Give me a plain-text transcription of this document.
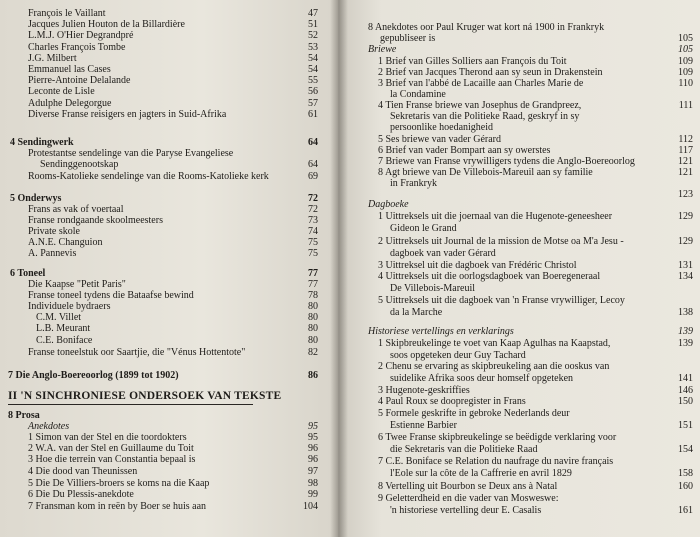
François le Vaillant	47
Jacques Julien Houton de la Billardière	51
L.M.J. O'Hier Degrandpré	52
Charles François Tombe	53
J.G. Milbert	54
Emmanuel las Cases	54
Pierre-Antoine Delalande	55
Leconte de Lisle	56
Adulphe Delegorgue	57
Diverse Franse reisigers en jagters in Suid-Afrika	61
4 Sendingwerk	64
Protestantse sendelinge van die Paryse Evangeliese
Sendinggenootskap	64
Rooms-Katolieke sendelinge van die Rooms-Katolieke kerk	69
5 Onderwys	72
Frans as vak of voertaal	72
Franse rondgaande skoolmeesters	73
Private skole	74
A.N.E. Changuion	75
A. Pannevis	75
6 Toneel	77
Die Kaapse "Petit Paris"	77
Franse toneel tydens die Bataafse bewind	78
Individuele bydraers	80
C.M. Villet	80
L.B. Meurant	80
C.E. Boniface	80
Franse toneelstuk oor Saartjie, die "Vénus Hottentote"	82
7 Die Anglo-Boereoorlog (1899 tot 1902)	86
II 'N SINCHRONIESE ONDERSOEK VAN TEKSTE
8 Prosa
Anekdotes	95
1 Simon van der Stel en die toordokters	95
2 W.A. van der Stel en Guillaume du Toit	96
3 Hoe die terrein van Constantia bepaal is	96
4 Die dood van Theunissen	97
5 Die De Villiers-broers se koms na die Kaap	98
6 Die Du Plessis-anekdote	99
7 Fransman kom in reën by Boer se huis aan	104
8 Anekdotes oor Paul Kruger wat kort ná 1900 in Frankryk
gepubliseer is	105
Briewe	105
1 Brief van Gilles Solliers aan François du Toit	109
2 Brief van Jacques Therond aan sy seun in Drakenstein	109
3 Brief van l'abbé de Lacaille aan Charles Marie de	110
la Condamine
4 Tien Franse briewe van Josephus de Grandpreez,	111
Sekretaris van die Politieke Raad, geskryf in sy
persoonlike hoedanigheid
5 Ses briewe van vader Gérard	112
6 Brief van vader Bompart aan sy owerstes	117
7 Briewe van Franse vrywilligers tydens die Anglo-Boereoorlog	121
8 Agt briewe van De Villebois-Mareuil aan sy familie	121
in Frankryk
123
Dagboeke
1 Uittreksels uit die joernaal van die Hugenote-geneesheer	129
Gideon le Grand
2 Uittreksels uit Journal de la mission de Motse oa M'a Jesu -	129
dagboek van vader Gérard
3 Uittreksel uit die dagboek van Frédéric Christol	131
4 Uittreksels uit die oorlogsdagboek van Boeregeneraal	134
De Villebois-Mareuil
5 Uittreksels uit die dagboek van 'n Franse vrywilliger, Lecoy
da la Marche	138
Historiese vertellings en verklarings	139
1 Skipbreukelinge te voet van Kaap Agulhas na Kaapstad,	139
soos opgeteken deur Guy Tachard
2 Chenu se ervaring as skipbreukeling aan die ooskus van
suidelike Afrika soos deur homself opgeteken	141
3 Hugenote-geskriffies	146
4 Paul Roux se doopregister in Frans	150
5 Formele geskrifte in gebroke Nederlands deur
Estienne Barbier	151
6 Twee Franse skipbreukelinge se beëdigde verklaring voor
die Sekretaris van die Politieke Raad	154
7 C.E. Boniface se Relation du naufrage du navire français
l'Eole sur la côte de la Caffrerie en avril 1829	158
8 Vertelling uit Bourbon se Deux ans à Natal	160
9 Geletterdheid en die vader van Mosweswe:
'n historiese vertelling deur E. Casalis	161
